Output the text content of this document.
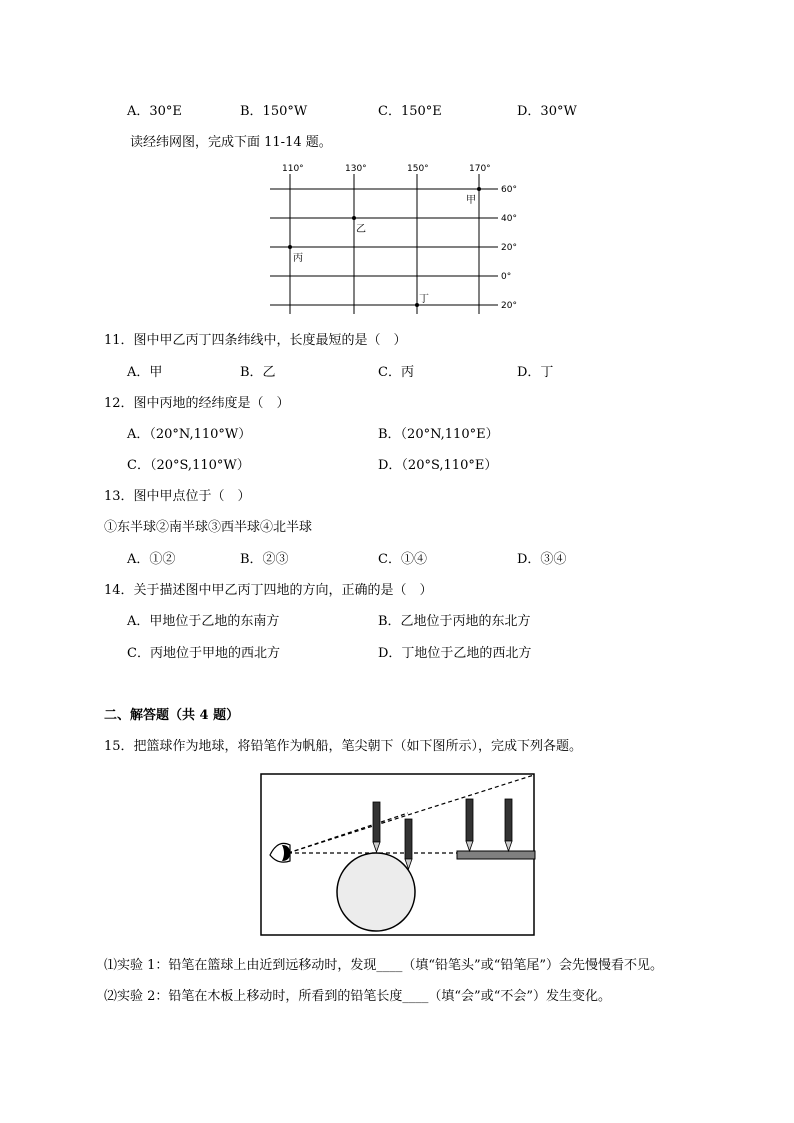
A．30°E	B．150°W	C．150°E	D．30°W
读经纬网图，完成下面 11-14 题。
110°	130°	150°	170°
60°
40°
20°
0°
20°
甲
乙
丙
丁
11．图中甲乙丙丁四条纬线中，长度最短的是（　）
A．甲	B．乙	C．丙	D．丁
12．图中丙地的经纬度是（　）
A．（20°N,110°W）	B．（20°N,110°E）
C．（20°S,110°W）	D．（20°S,110°E）
13．图中甲点位于（　）
①东半球②南半球③西半球④北半球
A．①②	B．②③	C．①④	D．③④
14．关于描述图中甲乙丙丁四地的方向，正确的是（　）
A．甲地位于乙地的东南方	B．乙地位于丙地的东北方
C．丙地位于甲地的西北方	D．丁地位于乙地的西北方
二、解答题（共 4 题）
15．把篮球作为地球，将铅笔作为帆船，笔尖朝下（如下图所示），完成下列各题。
⑴实验 1：铅笔在篮球上由近到远移动时，发现____（填“铅笔头”或“铅笔尾”）会先慢慢看不见。
⑵实验 2：铅笔在木板上移动时，所看到的铅笔长度____（填“会”或“不会”）发生变化。
